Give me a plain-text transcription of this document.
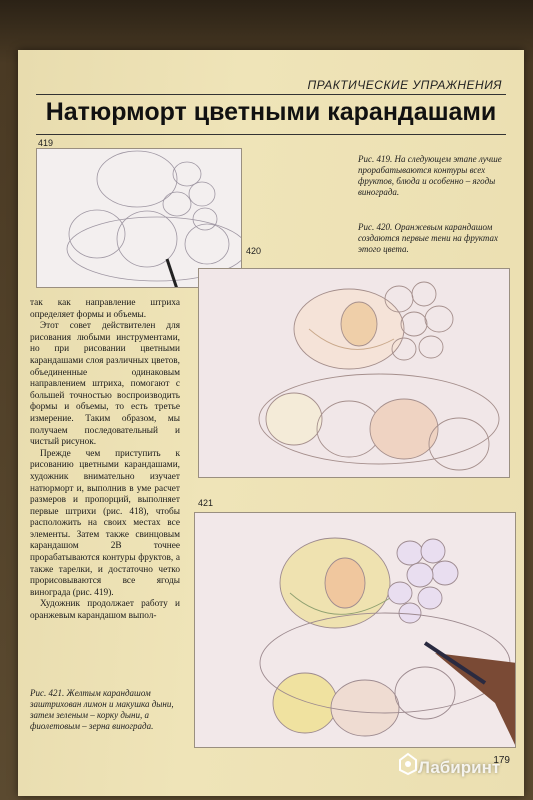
ПРАКТИЧЕСКИЕ УПРАЖНЕНИЯ
Натюрморт цветными карандашами
419
Рис. 419. На следующем этапе лучше прорабатываются контуры всех фруктов, блюда и особенно – ягоды винограда.
Рис. 420. Оранжевым карандашом создаются первые тени на фруктах этого цвета.
420

так как направление штриха определяет формы и объемы.

Этот совет действителен для рисования любыми инструментами, но при рисовании цветными карандашами слоя различных цветов, объединенные одинаковым направлением штриха, помогают с большей точностью воспроизводить формы и объемы, то есть третье измерение. Таким образом, мы получаем последовательный и чистый рисунок.

Прежде чем приступить к рисованию цветными карандашами, художник внимательно изучает натюрморт и, выполнив в уме расчет размеров и пропорций, выполняет первые штрихи (рис. 418), чтобы расположить на своих местах все элементы. Затем также свинцовым карандашом 2B точнее прорабатываются контуры фруктов, а также тарелки, и достаточно четко прорисовываются все ягоды винограда (рис. 419).

Художник продолжает работу и оранжевым карандашом выпол-

421
Рис. 421. Желтым карандашом заштрихован лимон и макушка дыни, затем зеленым – корку дыни, а фиолетовым – зерна винограда.
179
Лабиринт
